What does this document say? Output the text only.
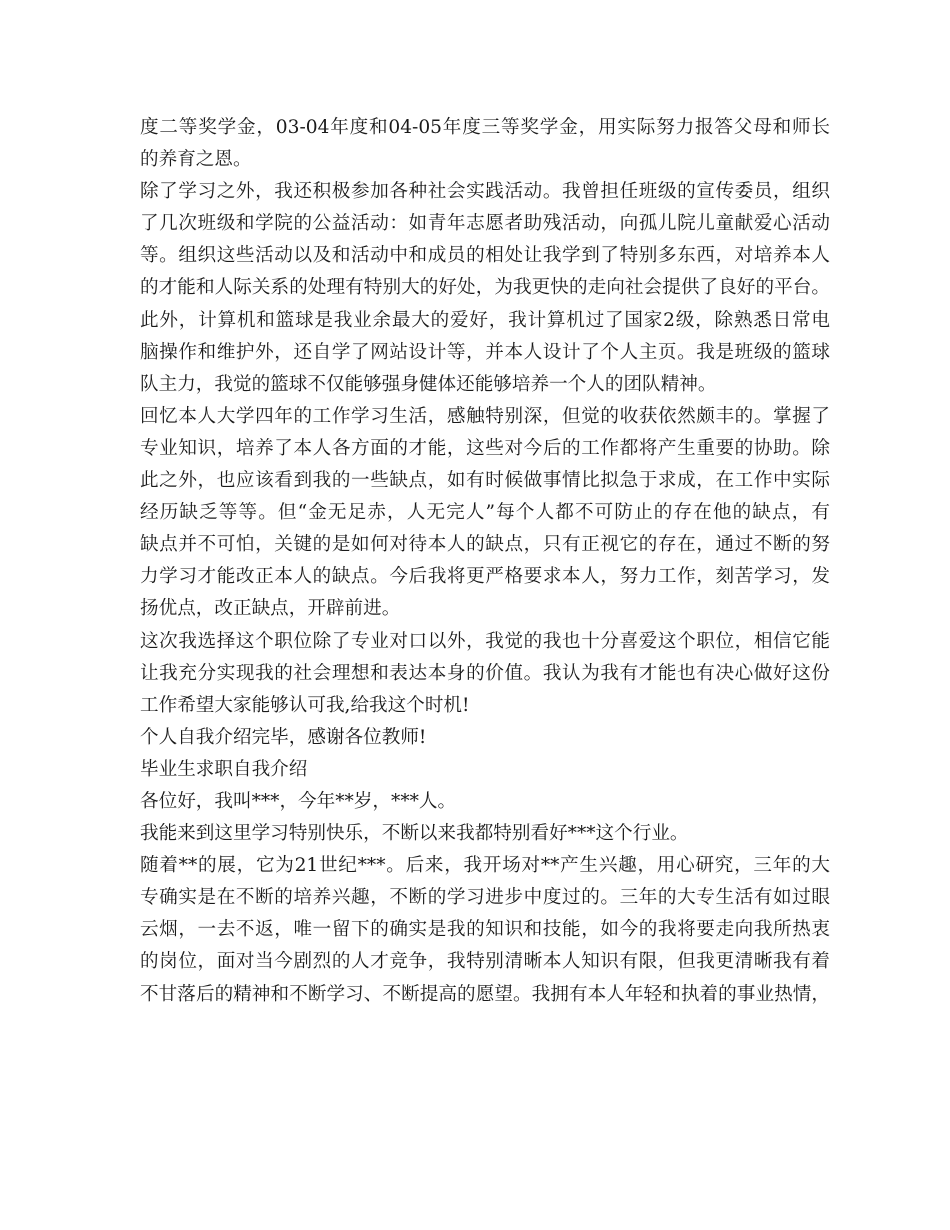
度二等奖学金，03-04年度和04-05年度三等奖学金，用实际努力报答父母和师长
的养育之恩。
除了学习之外，我还积极参加各种社会实践活动。我曾担任班级的宣传委员，组织
了几次班级和学院的公益活动：如青年志愿者助残活动，向孤儿院儿童献爱心活动
等。组织这些活动以及和活动中和成员的相处让我学到了特别多东西，对培养本人
的才能和人际关系的处理有特别大的好处，为我更快的走向社会提供了良好的平台。
此外，计算机和篮球是我业余最大的爱好，我计算机过了国家2级，除熟悉日常电
脑操作和维护外，还自学了网站设计等，并本人设计了个人主页。我是班级的篮球
队主力，我觉的篮球不仅能够强身健体还能够培养一个人的团队精神。
回忆本人大学四年的工作学习生活，感触特别深，但觉的收获依然颇丰的。掌握了
专业知识，培养了本人各方面的才能，这些对今后的工作都将产生重要的协助。除
此之外，也应该看到我的一些缺点，如有时候做事情比拟急于求成，在工作中实际
经历缺乏等等。但“金无足赤，人无完人”每个人都不可防止的存在他的缺点，有
缺点并不可怕，关键的是如何对待本人的缺点，只有正视它的存在，通过不断的努
力学习才能改正本人的缺点。今后我将更严格要求本人，努力工作，刻苦学习，发
扬优点，改正缺点，开辟前进。
这次我选择这个职位除了专业对口以外，我觉的我也十分喜爱这个职位，相信它能
让我充分实现我的社会理想和表达本身的价值。我认为我有才能也有决心做好这份
工作希望大家能够认可我,给我这个时机!
个人自我介绍完毕，感谢各位教师!
毕业生求职自我介绍
各位好，我叫***，今年**岁，***人。
我能来到这里学习特别快乐，不断以来我都特别看好***这个行业。
随着**的展，它为21世纪***。后来，我开场对**产生兴趣，用心研究，三年的大
专确实是在不断的培养兴趣，不断的学习进步中度过的。三年的大专生活有如过眼
云烟，一去不返，唯一留下的确实是我的知识和技能，如今的我将要走向我所热衷
的岗位，面对当今剧烈的人才竞争，我特别清晰本人知识有限，但我更清晰我有着
不甘落后的精神和不断学习、不断提高的愿望。我拥有本人年轻和执着的事业热情，
